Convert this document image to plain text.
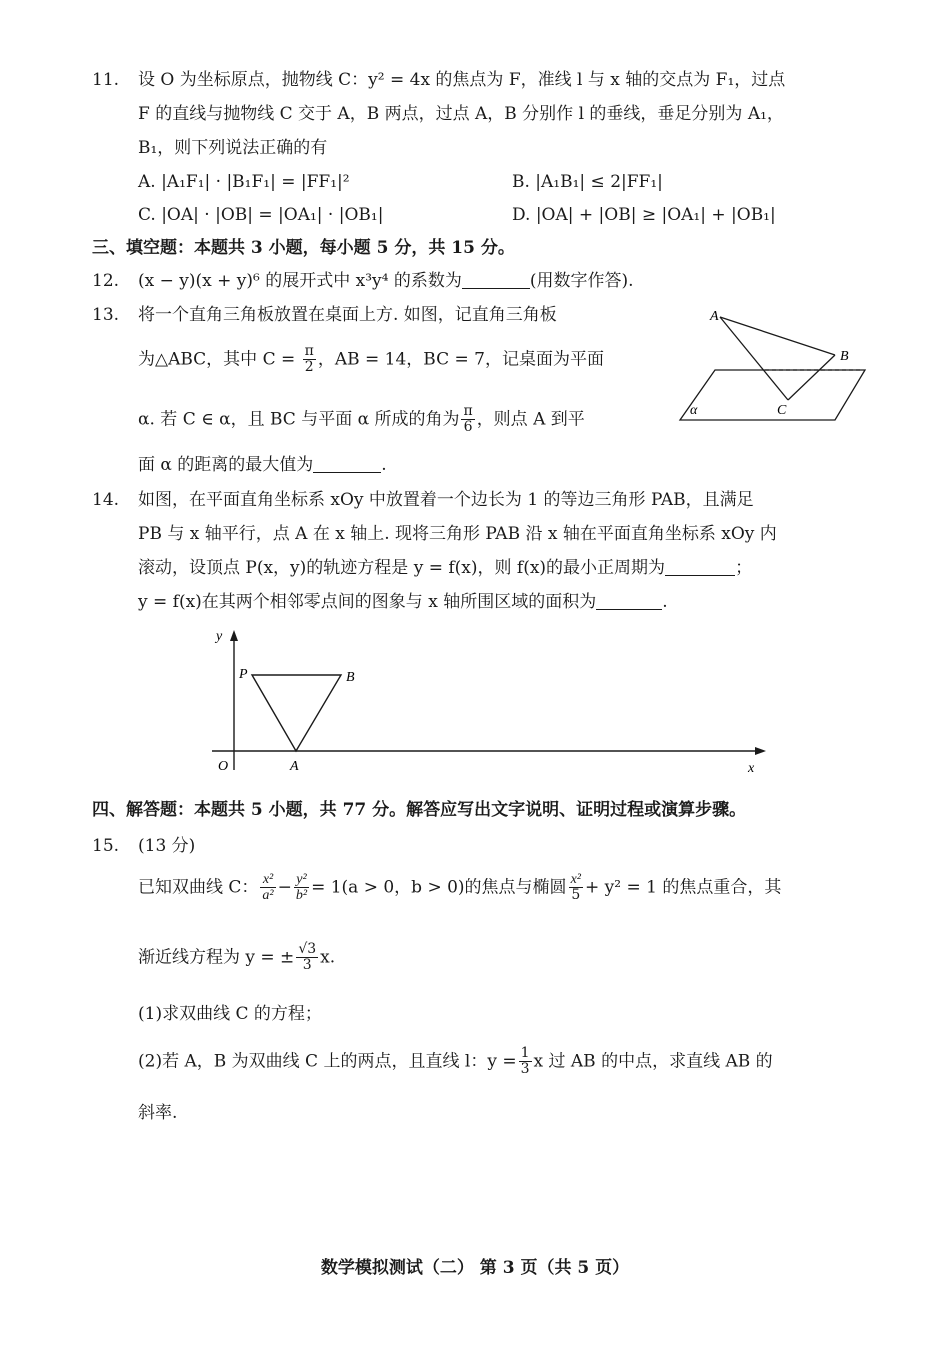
11. 设 O 为坐标原点，抛物线 C：y² = 4x 的焦点为 F，准线 l 与 x 轴的交点为 F₁，过点
F 的直线与抛物线 C 交于 A，B 两点，过点 A，B 分别作 l 的垂线，垂足分别为 A₁，
B₁，则下列说法正确的有
A. |A₁F₁| · |B₁F₁| = |FF₁|²	B. |A₁B₁| ≤ 2|FF₁|
C. |OA| · |OB| = |OA₁| · |OB₁|	D. |OA| + |OB| ≥ |OA₁| + |OB₁|
三、填空题：本题共 3 小题，每小题 5 分，共 15 分。
12. (x − y)(x + y)⁶ 的展开式中 x³y⁴ 的系数为	(用数字作答).
13. 将一个直角三角板放置在桌面上方. 如图，记直角三角板
为△ABC，其中 $C = \frac{\pi}{2}$ ，AB = 14，BC = 7，记桌面为平面
α. 若 C ∈ α，且 BC 与平面 α 所成的角为 $\frac{\pi}{6}$ ，则点 A 到平
面 α 的距离的最大值为	.
A
B
C
α
14. 如图，在平面直角坐标系 xOy 中放置着一个边长为 1 的等边三角形 PAB，且满足
PB 与 x 轴平行，点 A 在 x 轴上. 现将三角形 PAB 沿 x 轴在平面直角坐标系 xOy 内
滚动，设顶点 P(x，y)的轨迹方程是 y = f(x)，则 f(x)的最小正周期为	；
y = f(x)在其两个相邻零点间的图象与 x 轴所围区域的面积为	.
y
x
O
P	B
A
四、解答题：本题共 5 小题，共 77 分。解答应写出文字说明、证明过程或演算步骤。
15. (13 分)
已知双曲线 C： $\frac{\text{x²}}{\text{a²}} - \frac{\text{y²}}{\text{b²}} = 1(a > 0$，b > 0)的焦点与椭圆 $\frac{\text{x²}}{5} + y^2 = 1$ 的焦点重合，其
渐近线方程为 y = ± $\frac{√3}{3} x$.
(1)求双曲线 C 的方程；
(2)若 A，B 为双曲线 C 上的两点，且直线 l：$y = \frac{1}{3}$ x 过 AB 的中点，求直线 AB 的
斜率.
数学模拟测试（二） 第 3 页（共 5 页）
